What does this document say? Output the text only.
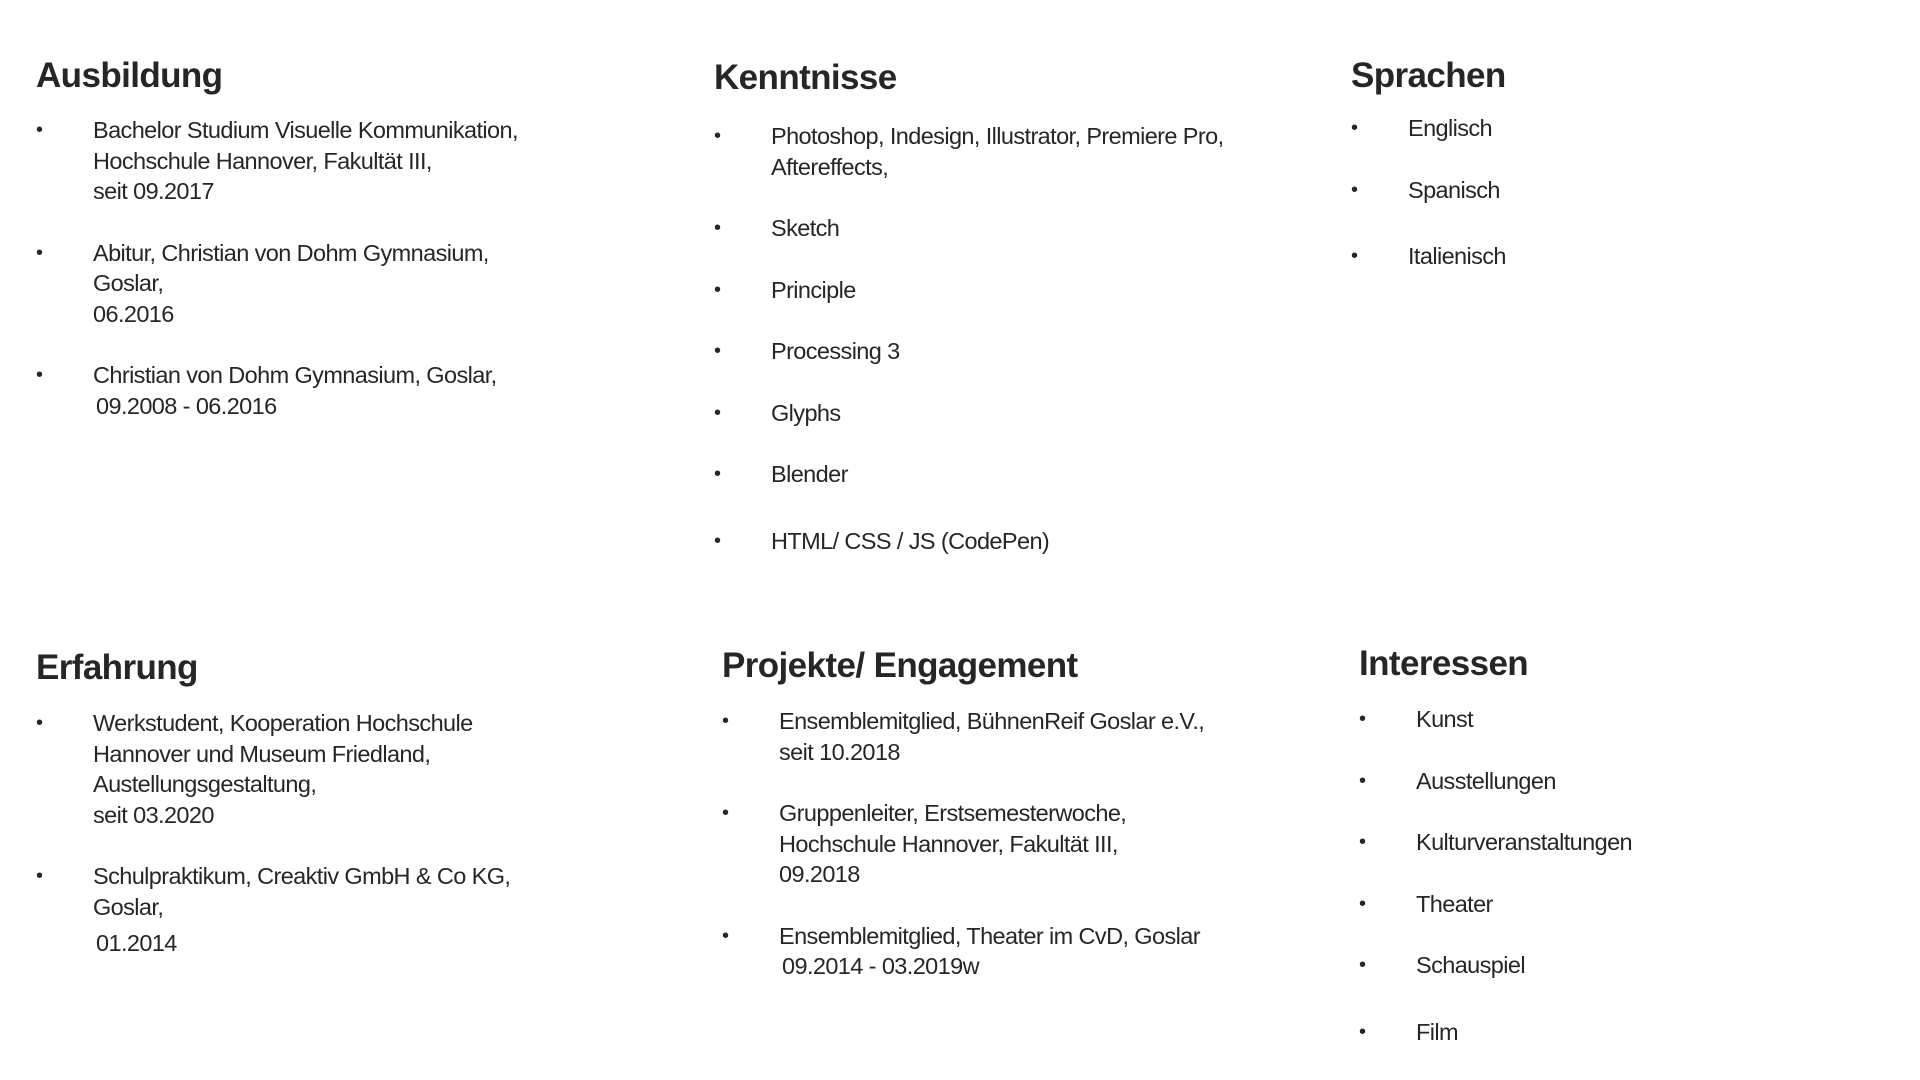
Ausbildung
• Bachelor Studium Visuelle Kommunikation,
Hochschule Hannover, Fakultät III,
seit 09.2017
• Abitur, Christian von Dohm Gymnasium,
Goslar,
06.2016
• Christian von Dohm Gymnasium, Goslar,
09.2008 - 06.2016
Kenntnisse
• Photoshop, Indesign, Illustrator, Premiere Pro,
Aftereffects,
• Sketch
• Principle
• Processing 3
• Glyphs
• Blender
• HTML/ CSS / JS (CodePen)
Sprachen
• Englisch
• Spanisch
• Italienisch
Erfahrung
• Werkstudent, Kooperation Hochschule
Hannover und Museum Friedland,
Austellungsgestaltung,
seit 03.2020
• Schulpraktikum, Creaktiv GmbH & Co KG,
Goslar,
01.2014
Projekte/ Engagement
• Ensemblemitglied, BühnenReif Goslar e.V.,
seit 10.2018
• Gruppenleiter, Erstsemesterwoche,
Hochschule Hannover, Fakultät III,
09.2018
• Ensemblemitglied, Theater im CvD, Goslar
09.2014 - 03.2019w
Interessen
• Kunst
• Ausstellungen
• Kulturveranstaltungen
• Theater
• Schauspiel
• Film
